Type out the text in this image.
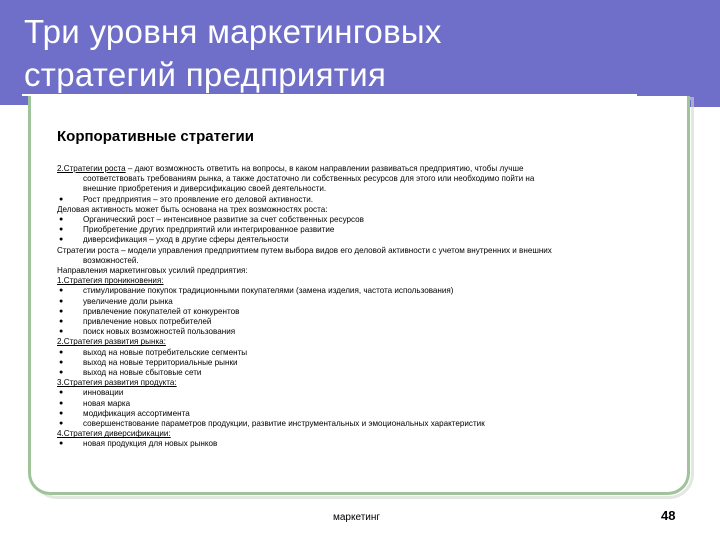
Три уровня маркетинговых
стратегий предприятия
Корпоративные стратегии
2.Стратегии роста – дают возможность ответить на вопросы, в каком направлении развиваться предприятию, чтобы лучше
соответствовать требованиям рынка, а также достаточно ли собственных ресурсов для этого или необходимо пойти на
внешние приобретения и диверсификацию своей деятельности.
● Рост предприятия – это проявление его деловой активности.
Деловая активность может быть основана на трех возможностях роста:
● Органический рост – интенсивное развитие за счет собственных ресурсов
● Приобретение других предприятий или интегрированное развитие
● диверсификация – уход в другие сферы деятельности
Стратегии роста – модели управления предприятием путем выбора видов его деловой активности с учетом внутренних и внешних
возможностей.
Направления маркетинговых усилий предприятия:
1.Стратегия проникновения:
● стимулирование покупок традиционными покупателями (замена изделия, частота использования)
● увеличение доли рынка
● привлечение покупателей от конкурентов
● привлечение новых потребителей
● поиск новых возможностей пользования
2.Стратегия развития рынка:
● выход на новые потребительские сегменты
● выход на новые территориальные рынки
● выход на новые сбытовые сети
3.Стратегия развития продукта:
● инновации
● новая марка
● модификация ассортимента
● совершенствование параметров продукции, развитие инструментальных и эмоциональных характеристик
4.Стратегия диверсификации:
● новая продукция для новых рынков
маркетинг	48
